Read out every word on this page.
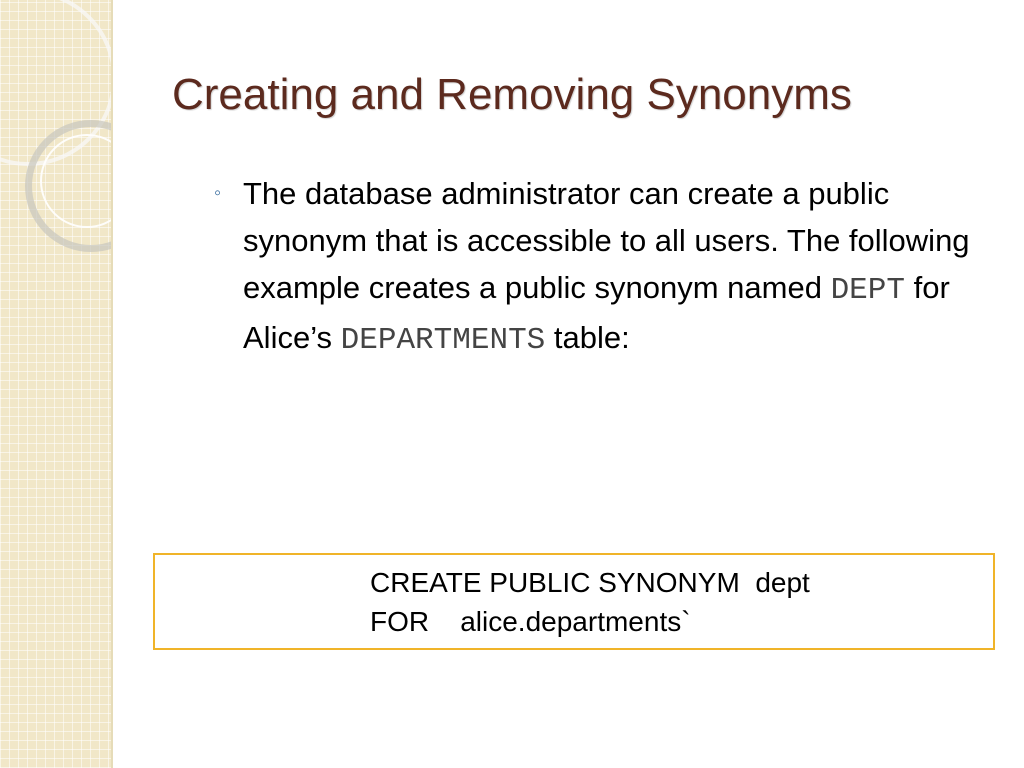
Creating and Removing Synonyms
◦ The database administrator can create a public synonym that is accessible to all users. The following example creates a public synonym named DEPT for Alice’s DEPARTMENTS table:
CREATE PUBLIC SYNONYM  dept
FOR    alice.departments`
